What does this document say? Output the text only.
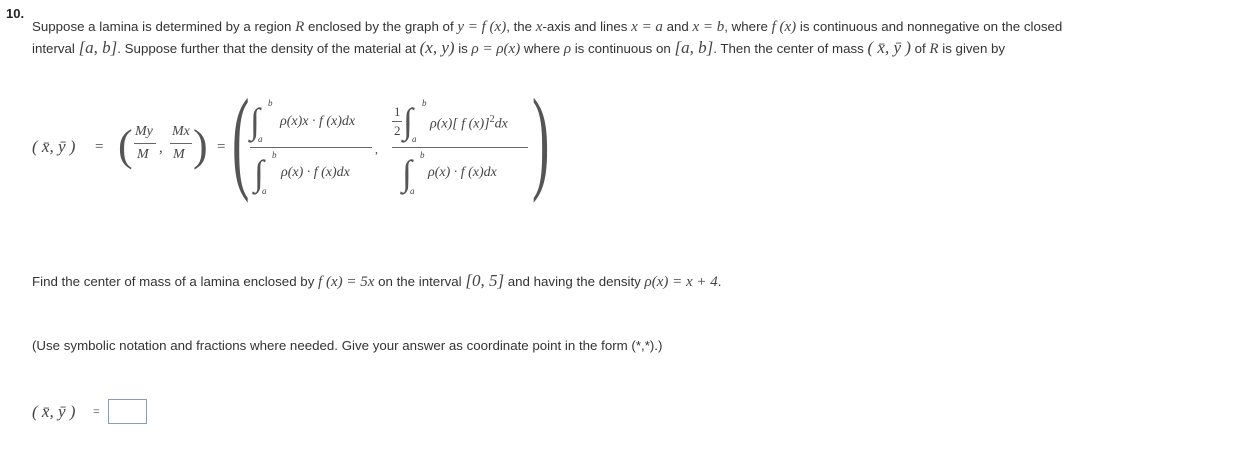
10.
Suppose a lamina is determined by a region R enclosed by the graph of y = f (x), the x-axis and lines x = a and x = b, where f (x) is continuous and nonnegative on the closed
interval [a, b]. Suppose further that the density of the material at (x, y) is ρ = ρ(x) where ρ is continuous on [a, b]. Then the center of mass ( x̄, ȳ ) of R is given by
( x̄, ȳ ) = ( My
M ,
Mx
M ) = ( )
∫ b
a
ρ(x)x · f (x)dx
∫ b
a
ρ(x) · f (x)dx
,
1
2 ∫ b
a
ρ(x)[ f (x)]$^2$dx
∫ b
a
ρ(x) · f (x)dx
Find the center of mass of a lamina enclosed by f (x) = 5x on the interval [0, 5] and having the density ρ(x) = x + 4.
(Use symbolic notation and fractions where needed. Give your answer as coordinate point in the form (*,*).)
( x̄, ȳ ) =
